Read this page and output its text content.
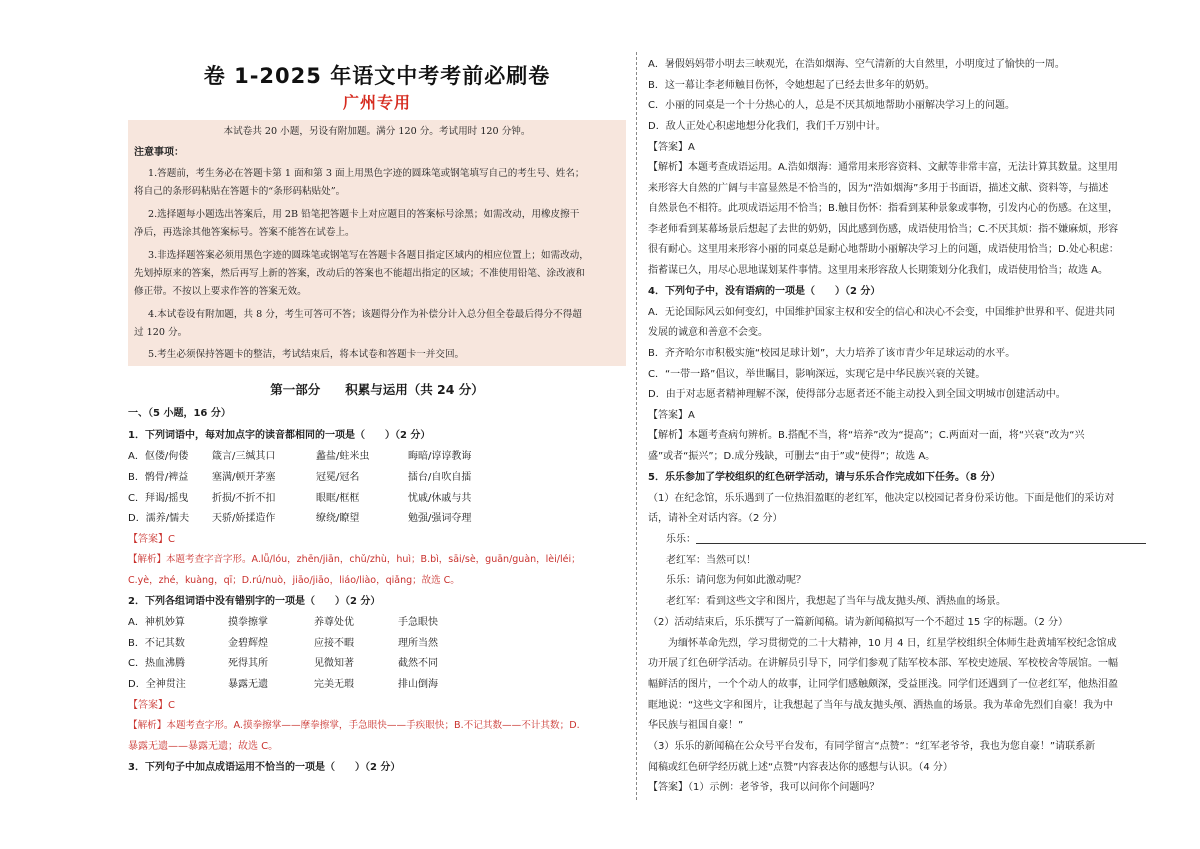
卷 1-2025 年语文中考考前必刷卷
广州专用
本试卷共 20 小题，另设有附加题。满分 120 分。考试用时 120 分钟。
注意事项：
1.答题前，考生务必在答题卡第 1 面和第 3 面上用黑色字迹的圆珠笔或钢笔填写自己的考生号、姓名；
将自己的条形码粘贴在答题卡的“条形码粘贴处”。
2.选择题每小题选出答案后，用 2B 铅笔把答题卡上对应题目的答案标号涂黑；如需改动，用橡皮擦干
净后，再选涂其他答案标号。答案不能答在试卷上。
3.非选择题答案必须用黑色字迹的圆珠笔或钢笔写在答题卡各题目指定区域内的相应位置上；如需改动，
先划掉原来的答案，然后再写上新的答案，改动后的答案也不能超出指定的区域；不准使用铅笔、涂改液和
修正带。不按以上要求作答的答案无效。
4.本试卷设有附加题，共 8 分，考生可答可不答；该题得分作为补偿分计入总分但全卷最后得分不得超
过 120 分。
5.考生必须保持答题卡的整洁，考试结束后，将本试卷和答题卡一并交回。
第一部分　　积累与运用（共 24 分）
一、（5 小题，16 分）
1．下列词语中，每对加点字的读音都相同的一项是（　　）（2 分）
A．伛偻/佝偻 箴言/三缄其口	蠡盐/蛀米虫	晦暗/谆谆教诲
B．鹘骨/裨益 塞满/顿开茅塞	冠冕/冠名	擂台/自吹自擂
C．拜谒/摇曳 折损/不折不扣	眼眶/框框	忧戚/休戚与共
D．濡养/懦夫 天骄/娇揉造作	缭绕/瞭望	勉强/强词夺理
【答案】C
【解析】本题考查字音字形。A.lǚ/lóu，zhēn/jiān，chǔ/zhù，huì；B.bì，sāi/sè，guān/guàn，lèi/léi；
C.yè，zhé，kuàng，qī；D.rú/nuò，jiāo/jiāo，liáo/liào，qiǎng；故选 C。
2．下列各组词语中没有错别字的一项是（　　）（2 分）
A．神机妙算	摸拳擦掌	养尊处优	手急眼快
B．不记其数	金碧辉煌	应接不暇	理所当然
C．热血沸腾	死得其所	见微知著	截然不同
D．全神贯注	暴露无遗	完美无瑕	排山倒海
【答案】C
【解析】本题考查字形。A.摸拳擦掌——摩拳擦掌，手急眼快——手疾眼快；B.不记其数——不计其数；D.
暴露无遗——暴露无遗；故选 C。
3．下列句子中加点成语运用不恰当的一项是（　　）（2 分）
A．暑假妈妈带小明去三峡观光，在浩如烟海、空气清新的大自然里，小明度过了愉快的一周。
B．这一幕让李老师触目伤怀，令她想起了已经去世多年的奶奶。
C．小丽的同桌是一个十分热心的人，总是不厌其烦地帮助小丽解决学习上的问题。
D．敌人正处心积虑地想分化我们，我们千万别中计。
【答案】A
【解析】本题考查成语运用。A.浩如烟海：通常用来形容资料、文献等非常丰富，无法计算其数量。这里用
来形容大自然的广阔与丰富显然是不恰当的，因为“浩如烟海”多用于书面语，描述文献、资料等，与描述
自然景色不相符。此项成语运用不恰当；B.触目伤怀：指看到某种景象或事物，引发内心的伤感。在这里，
李老师看到某幕场景后想起了去世的奶奶，因此感到伤感，成语使用恰当；C.不厌其烦：指不嫌麻烦，形容
很有耐心。这里用来形容小丽的同桌总是耐心地帮助小丽解决学习上的问题，成语使用恰当；D.处心积虑：
指蓄谋已久，用尽心思地谋划某件事情。这里用来形容敌人长期策划分化我们，成语使用恰当；故选 A。
4．下列句子中，没有语病的一项是（　　）（2 分）
A．无论国际风云如何变幻，中国维护国家主权和安全的信心和决心不会变，中国维护世界和平、促进共同
发展的诚意和善意不会变。
B．齐齐哈尔市积极实施“校园足球计划”，大力培养了该市青少年足球运动的水平。
C．“一带一路”倡议，举世瞩目，影响深远，实现它是中华民族兴衰的关键。
D．由于对志愿者精神理解不深，使得部分志愿者还不能主动投入到全国文明城市创建活动中。
【答案】A
【解析】本题考查病句辨析。B.搭配不当，将“培养”改为“提高”；C.两面对一面，将“兴衰”改为“兴
盛”或者“振兴”；D.成分残缺，可删去“由于”或“使得”；故选 A。
5．乐乐参加了学校组织的红色研学活动，请与乐乐合作完成如下任务。（8 分）
（1）在纪念馆，乐乐遇到了一位热泪盈眶的老红军，他决定以校园记者身份采访他。下面是他们的采访对
话，请补全对话内容。（2 分）
乐乐：
老红军：当然可以！
乐乐：请问您为何如此激动呢？
老红军：看到这些文字和图片，我想起了当年与战友抛头颅、洒热血的场景。
（2）活动结束后，乐乐撰写了一篇新闻稿。请为新闻稿拟写一个不超过 15 字的标题。（2 分）
为缅怀革命先烈，学习贯彻党的二十大精神，10 月 4 日，红星学校组织全体师生赴黄埔军校纪念馆成
功开展了红色研学活动。在讲解员引导下，同学们参观了陆军校本部、军校史迹展、军校校舍等展馆。一幅
幅鲜活的图片，一个个动人的故事，让同学们感触颇深，受益匪浅。同学们还遇到了一位老红军，他热泪盈
眶地说：“这些文字和图片，让我想起了当年与战友抛头颅、洒热血的场景。我为革命先烈们自豪！我为中
华民族与祖国自豪！”
（3）乐乐的新闻稿在公众号平台发布，有同学留言“点赞”：“红军老爷爷，我也为您自豪！”请联系新
闻稿或红色研学经历就上述“点赞”内容表达你的感想与认识。（4 分）
【答案】（1）示例：老爷爷，我可以问你个问题吗？
